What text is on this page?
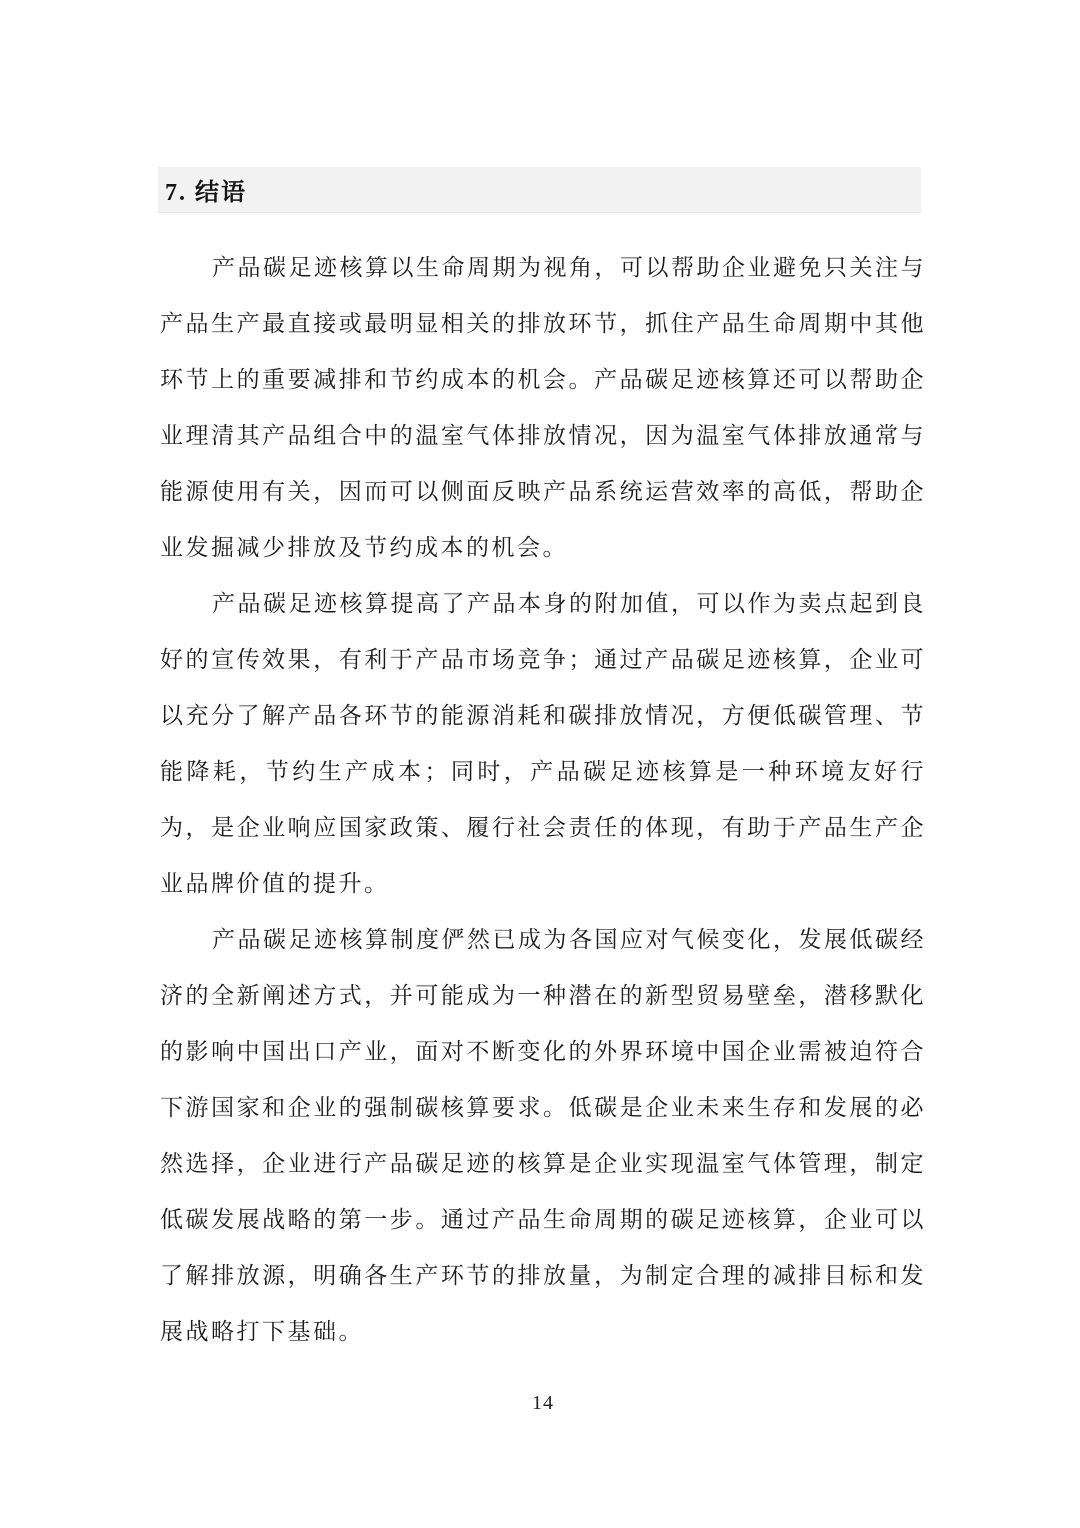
7. 结语

产品碳足迹核算以生命周期为视角，可以帮助企业避免只关注与产品生产最直接或最明显相关的排放环节，抓住产品生命周期中其他环节上的重要减排和节约成本的机会。产品碳足迹核算还可以帮助企业理清其产品组合中的温室气体排放情况，因为温室气体排放通常与能源使用有关，因而可以侧面反映产品系统运营效率的高低，帮助企业发掘减少排放及节约成本的机会。

产品碳足迹核算提高了产品本身的附加值，可以作为卖点起到良好的宣传效果，有利于产品市场竞争；通过产品碳足迹核算，企业可以充分了解产品各环节的能源消耗和碳排放情况，方便低碳管理、节能降耗，节约生产成本；同时，产品碳足迹核算是一种环境友好行为，是企业响应国家政策、履行社会责任的体现，有助于产品生产企业品牌价值的提升。

产品碳足迹核算制度俨然已成为各国应对气候变化，发展低碳经济的全新阐述方式，并可能成为一种潜在的新型贸易壁垒，潜移默化的影响中国出口产业，面对不断变化的外界环境中国企业需被迫符合下游国家和企业的强制碳核算要求。低碳是企业未来生存和发展的必然选择，企业进行产品碳足迹的核算是企业实现温室气体管理，制定低碳发展战略的第一步。通过产品生命周期的碳足迹核算，企业可以了解排放源，明确各生产环节的排放量，为制定合理的减排目标和发展战略打下基础。

14
